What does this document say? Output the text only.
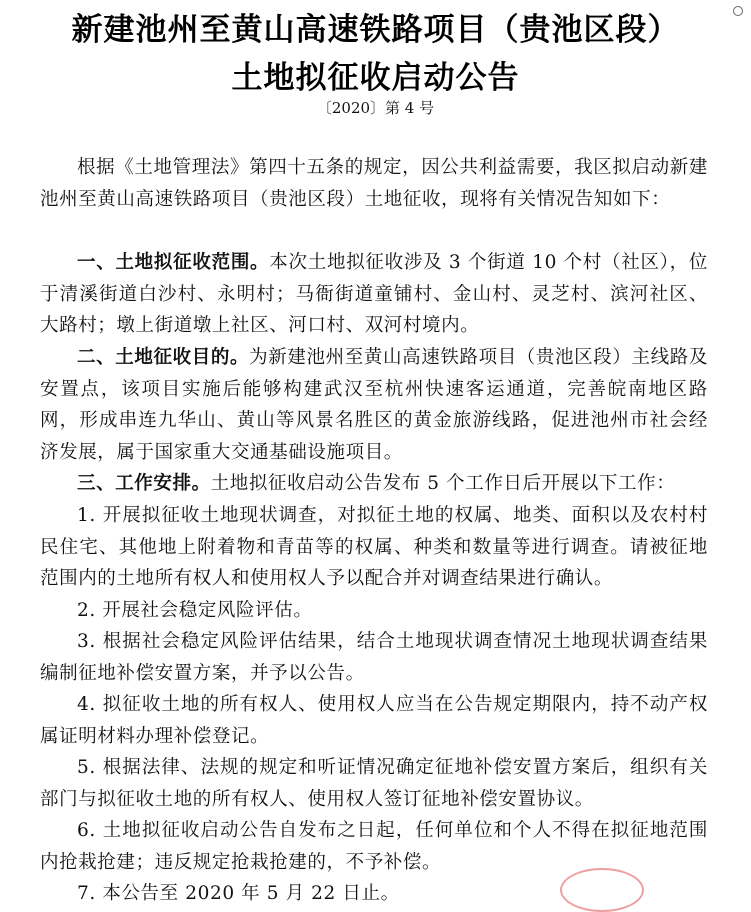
新建池州至黄山高速铁路项目（贵池区段）
土地拟征收启动公告
〔2020〕第 4 号

根据《土地管理法》第四十五条的规定，因公共利益需要，我区拟启动新建池州至黄山高速铁路项目（贵池区段）土地征收，现将有关情况告知如下：

一、土地拟征收范围。本次土地拟征收涉及 3 个街道 10 个村（社区），位于清溪街道白沙村、永明村；马衙街道童铺村、金山村、灵芝村、滨河社区、大路村；墩上街道墩上社区、河口村、双河村境内。

二、土地征收目的。为新建池州至黄山高速铁路项目（贵池区段）主线路及安置点，该项目实施后能够构建武汉至杭州快速客运通道，完善皖南地区路网，形成串连九华山、黄山等风景名胜区的黄金旅游线路，促进池州市社会经济发展，属于国家重大交通基础设施项目。

三、工作安排。土地拟征收启动公告发布 5 个工作日后开展以下工作：

1. 开展拟征收土地现状调查，对拟征土地的权属、地类、面积以及农村村民住宅、其他地上附着物和青苗等的权属、种类和数量等进行调查。请被征地范围内的土地所有权人和使用权人予以配合并对调查结果进行确认。

2. 开展社会稳定风险评估。

3. 根据社会稳定风险评估结果，结合土地现状调查情况土地现状调查结果编制征地补偿安置方案，并予以公告。

4. 拟征收土地的所有权人、使用权人应当在公告规定期限内，持不动产权属证明材料办理补偿登记。

5. 根据法律、法规的规定和听证情况确定征地补偿安置方案后，组织有关部门与拟征收土地的所有权人、使用权人签订征地补偿安置协议。

6. 土地拟征收启动公告自发布之日起，任何单位和个人不得在拟征地范围内抢栽抢建；违反规定抢栽抢建的，不予补偿。

7. 本公告至 2020 年 5 月 22 日止。
